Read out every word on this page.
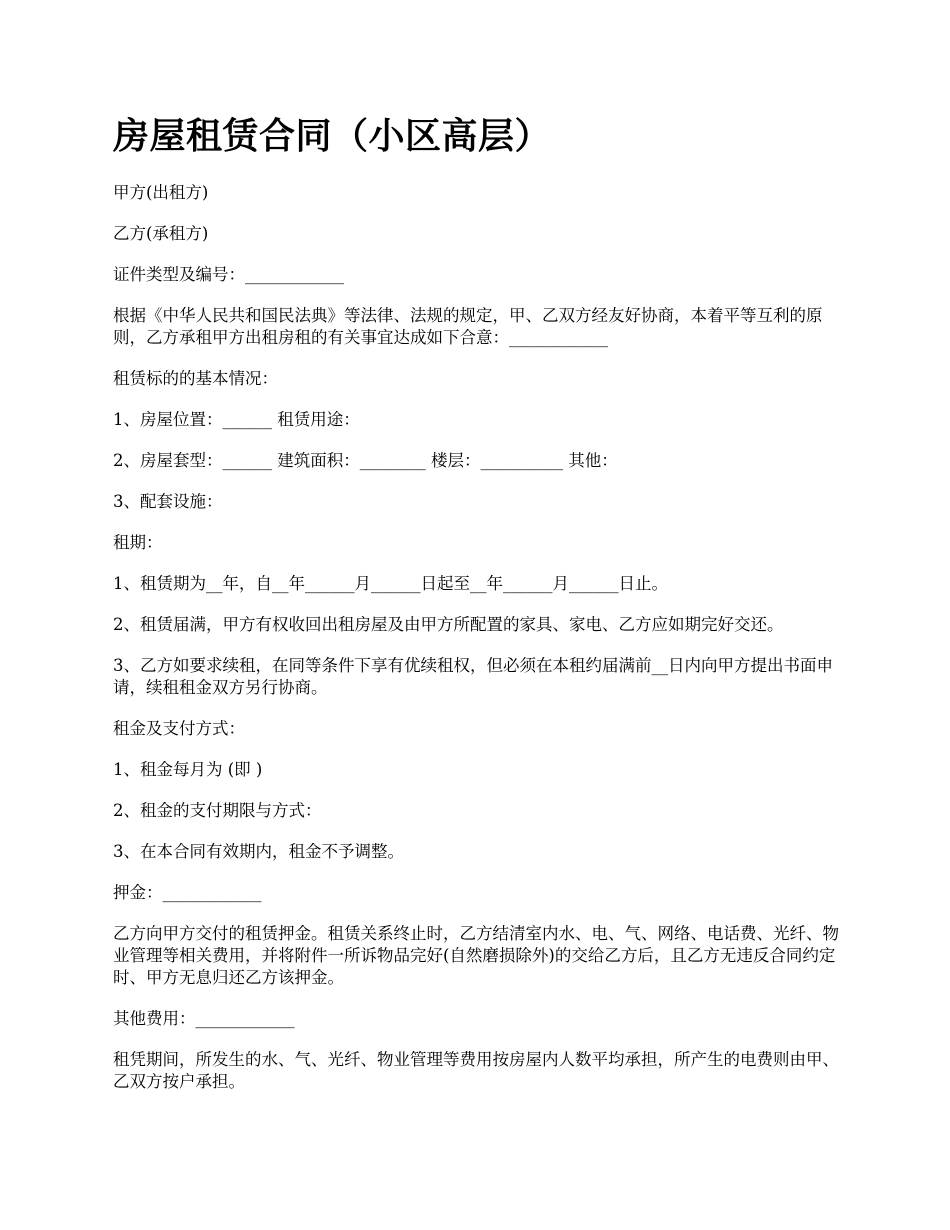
房屋租赁合同（小区高层）

甲方(出租方)

乙方(承租方)

证件类型及编号：____________

根据《中华人民共和国民法典》等法律、法规的规定，甲、乙双方经友好协商，本着平等互利的原则，乙方承租甲方出租房租的有关事宜达成如下合意：____________

租赁标的的基本情况：

1、房屋位置：______ 租赁用途：

2、房屋套型：______ 建筑面积：________ 楼层：__________ 其他：

3、配套设施：

租期：

1、租赁期为__年，自__年______月______日起至__年______月______日止。

2、租赁届满，甲方有权收回出租房屋及由甲方所配置的家具、家电、乙方应如期完好交还。

3、乙方如要求续租，在同等条件下享有优续租权，但必须在本租约届满前__日内向甲方提出书面申请，续租租金双方另行协商。

租金及支付方式：

1、租金每月为 (即 )

2、租金的支付期限与方式：

3、在本合同有效期内，租金不予调整。

押金：____________

乙方向甲方交付的租赁押金。租赁关系终止时，乙方结清室内水、电、气、网络、电话费、光纤、物业管理等相关费用，并将附件一所诉物品完好(自然磨损除外)的交给乙方后，且乙方无违反合同约定时、甲方无息归还乙方该押金。

其他费用：____________

租凭期间，所发生的水、气、光纤、物业管理等费用按房屋内人数平均承担，所产生的电费则由甲、乙双方按户承担。
